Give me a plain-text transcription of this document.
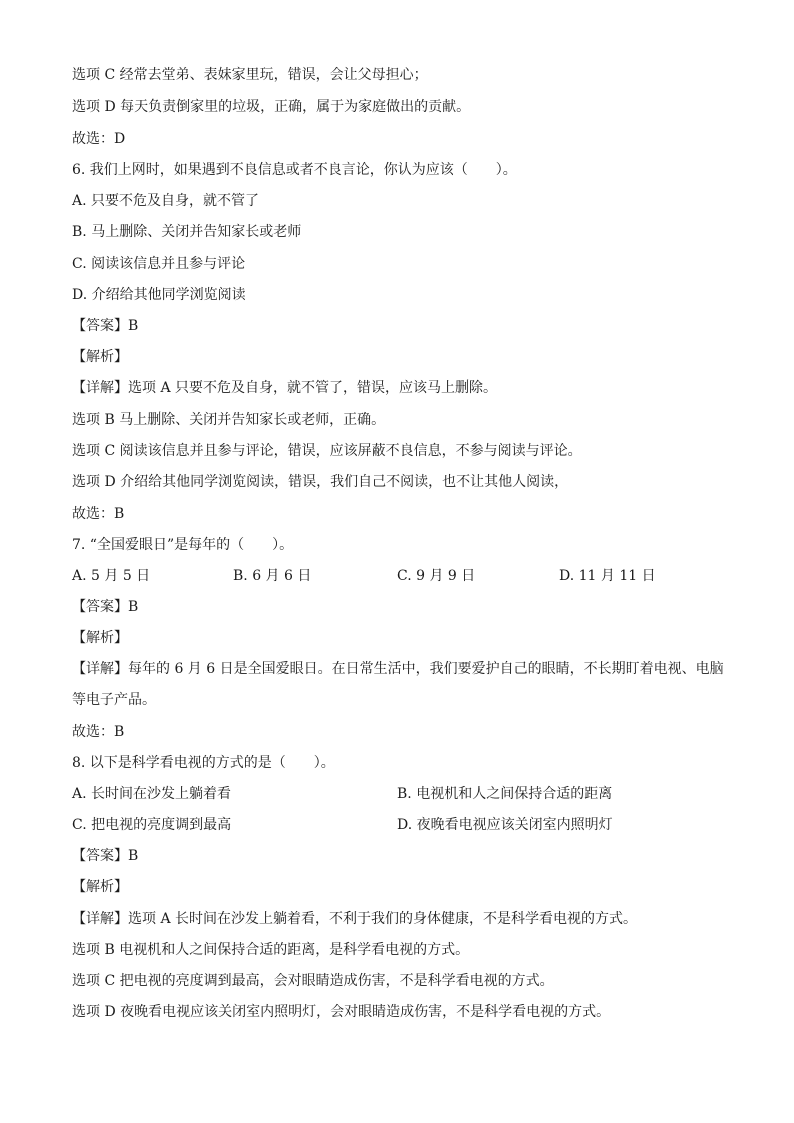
选项 C 经常去堂弟、表妹家里玩，错误，会让父母担心；
选项 D 每天负责倒家里的垃圾，正确，属于为家庭做出的贡献。
故选：D
6. 我们上网时，如果遇到不良信息或者不良言论，你认为应该（　　）。
A. 只要不危及自身，就不管了
B. 马上删除、关闭并告知家长或老师
C. 阅读该信息并且参与评论
D. 介绍给其他同学浏览阅读
【答案】B
【解析】
【详解】选项 A 只要不危及自身，就不管了，错误，应该马上删除。
选项 B 马上删除、关闭并告知家长或老师，正确。
选项 C 阅读该信息并且参与评论，错误，应该屏蔽不良信息，不参与阅读与评论。
选项 D 介绍给其他同学浏览阅读，错误，我们自己不阅读，也不让其他人阅读，
故选：B
7. “全国爱眼日”是每年的（　　）。
A. 5 月 5 日	B. 6 月 6 日	C. 9 月 9 日	D. 11 月 11 日
【答案】B
【解析】
【详解】每年的 6 月 6 日是全国爱眼日。在日常生活中，我们要爱护自己的眼睛，不长期盯着电视、电脑
等电子产品。
故选：B
8. 以下是科学看电视的方式的是（　　）。
A. 长时间在沙发上躺着看	B. 电视机和人之间保持合适的距离
C. 把电视的亮度调到最高	D. 夜晚看电视应该关闭室内照明灯
【答案】B
【解析】
【详解】选项 A 长时间在沙发上躺着看，不利于我们的身体健康，不是科学看电视的方式。
选项 B 电视机和人之间保持合适的距离，是科学看电视的方式。
选项 C 把电视的亮度调到最高，会对眼睛造成伤害，不是科学看电视的方式。
选项 D 夜晚看电视应该关闭室内照明灯，会对眼睛造成伤害，不是科学看电视的方式。
